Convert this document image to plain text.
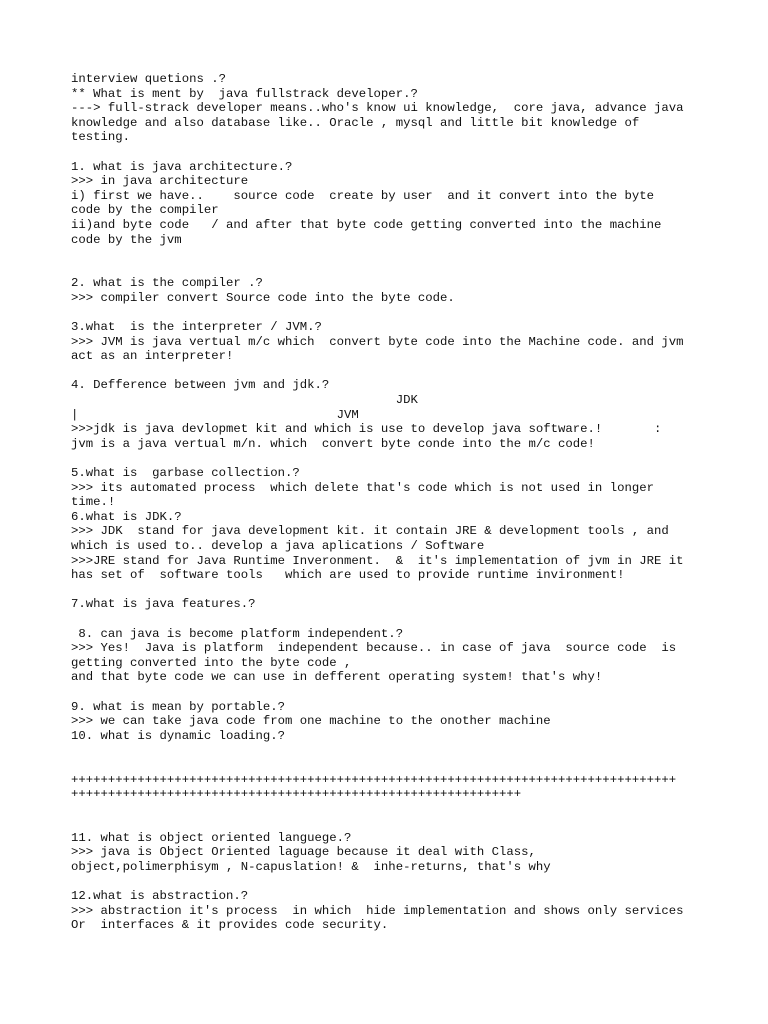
interview quetions .?
** What is ment by  java fullstrack developer.?
---> full-strack developer means..who's know ui knowledge,  core java, advance java
knowledge and also database like.. Oracle , mysql and little bit knowledge of
testing.

1. what is java architecture.?
>>> in java architecture
i) first we have..    source code  create by user  and it convert into the byte
code by the compiler
ii)and byte code   / and after that byte code getting converted into the machine
code by the jvm

2. what is the compiler .?
>>> compiler convert Source code into the byte code.

3.what  is the interpreter / JVM.?
>>> JVM is java vertual m/c which  convert byte code into the Machine code. and jvm
act as an interpreter!

4. Defference between jvm and jdk.?
JDK
|                                   JVM
>>>jdk is java devlopmet kit and which is use to develop java software.!       :
jvm is a java vertual m/n. which  convert byte conde into the m/c code!

5.what is  garbase collection.?
>>> its automated process  which delete that's code which is not used in longer
time.!
6.what is JDK.?
>>> JDK  stand for java development kit. it contain JRE & development tools , and
which is used to.. develop a java aplications / Software
>>>JRE stand for Java Runtime Inveronment.  &  it's implementation of jvm in JRE it
has set of  software tools   which are used to provide runtime invironment!

7.what is java features.?

8. can java is become platform independent.?
>>> Yes!  Java is platform  independent because.. in case of java  source code  is
getting converted into the byte code ,
and that byte code we can use in defferent operating system! that's why!

9. what is mean by portable.?
>>> we can take java code from one machine to the onother machine
10. what is dynamic loading.?

++++++++++++++++++++++++++++++++++++++++++++++++++++++++++++++++++++++++++++++++++
+++++++++++++++++++++++++++++++++++++++++++++++++++++++++++++

11. what is object oriented languege.?
>>> java is Object Oriented laguage because it deal with Class,
object,polimerphisym , N-capuslation! &  inhe-returns, that's why

12.what is abstraction.?
>>> abstraction it's process  in which  hide implementation and shows only services
Or  interfaces & it provides code security.
